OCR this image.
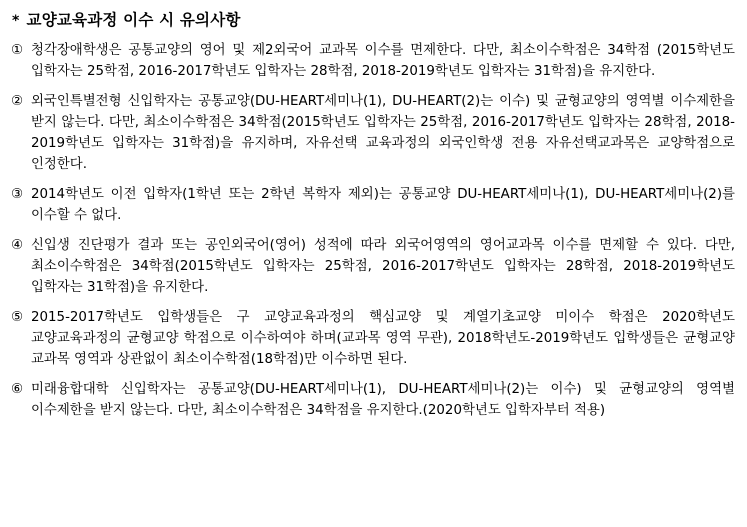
* 교양교육과정 이수 시 유의사항
① 청각장애학생은 공통교양의 영어 및 제2외국어 교과목 이수를 면제한다. 다만, 최소이수학점은 34학점 (2015학년도 입학자는 25학점, 2016-2017학년도 입학자는 28학점, 2018-2019학년도 입학자는 31학점)을 유지한다.
② 외국인특별전형 신입학자는 공통교양(DU-HEART세미나(1), DU-HEART(2)는 이수) 및 균형교양의 영역별 이수제한을 받지 않는다. 다만, 최소이수학점은 34학점(2015학년도 입학자는 25학점, 2016-2017학년도 입학자는 28학점, 2018-2019학년도 입학자는 31학점)을 유지하며, 자유선택 교육과정의 외국인학생 전용 자유선택교과목은 교양학점으로 인정한다.
③ 2014학년도 이전 입학자(1학년 또는 2학년 복학자 제외)는 공통교양 DU-HEART세미나(1), DU-HEART세미나(2)를 이수할 수 없다.
④ 신입생 진단평가 결과 또는 공인외국어(영어) 성적에 따라 외국어영역의 영어교과목 이수를 면제할 수 있다. 다만, 최소이수학점은 34학점(2015학년도 입학자는 25학점, 2016-2017학년도 입학자는 28학점, 2018-2019학년도 입학자는 31학점)을 유지한다.
⑤ 2015-2017학년도 입학생들은 구 교양교육과정의 핵심교양 및 계열기초교양 미이수 학점은 2020학년도 교양교육과정의 균형교양 학점으로 이수하여야 하며(교과목 영역 무관), 2018학년도-2019학년도 입학생들은 균형교양 교과목 영역과 상관없이 최소이수학점(18학점)만 이수하면 된다.
⑥ 미래융합대학 신입학자는 공통교양(DU-HEART세미나(1), DU-HEART세미나(2)는 이수) 및 균형교양의 영역별 이수제한을 받지 않는다. 다만, 최소이수학점은 34학점을 유지한다.(2020학년도 입학자부터 적용)
